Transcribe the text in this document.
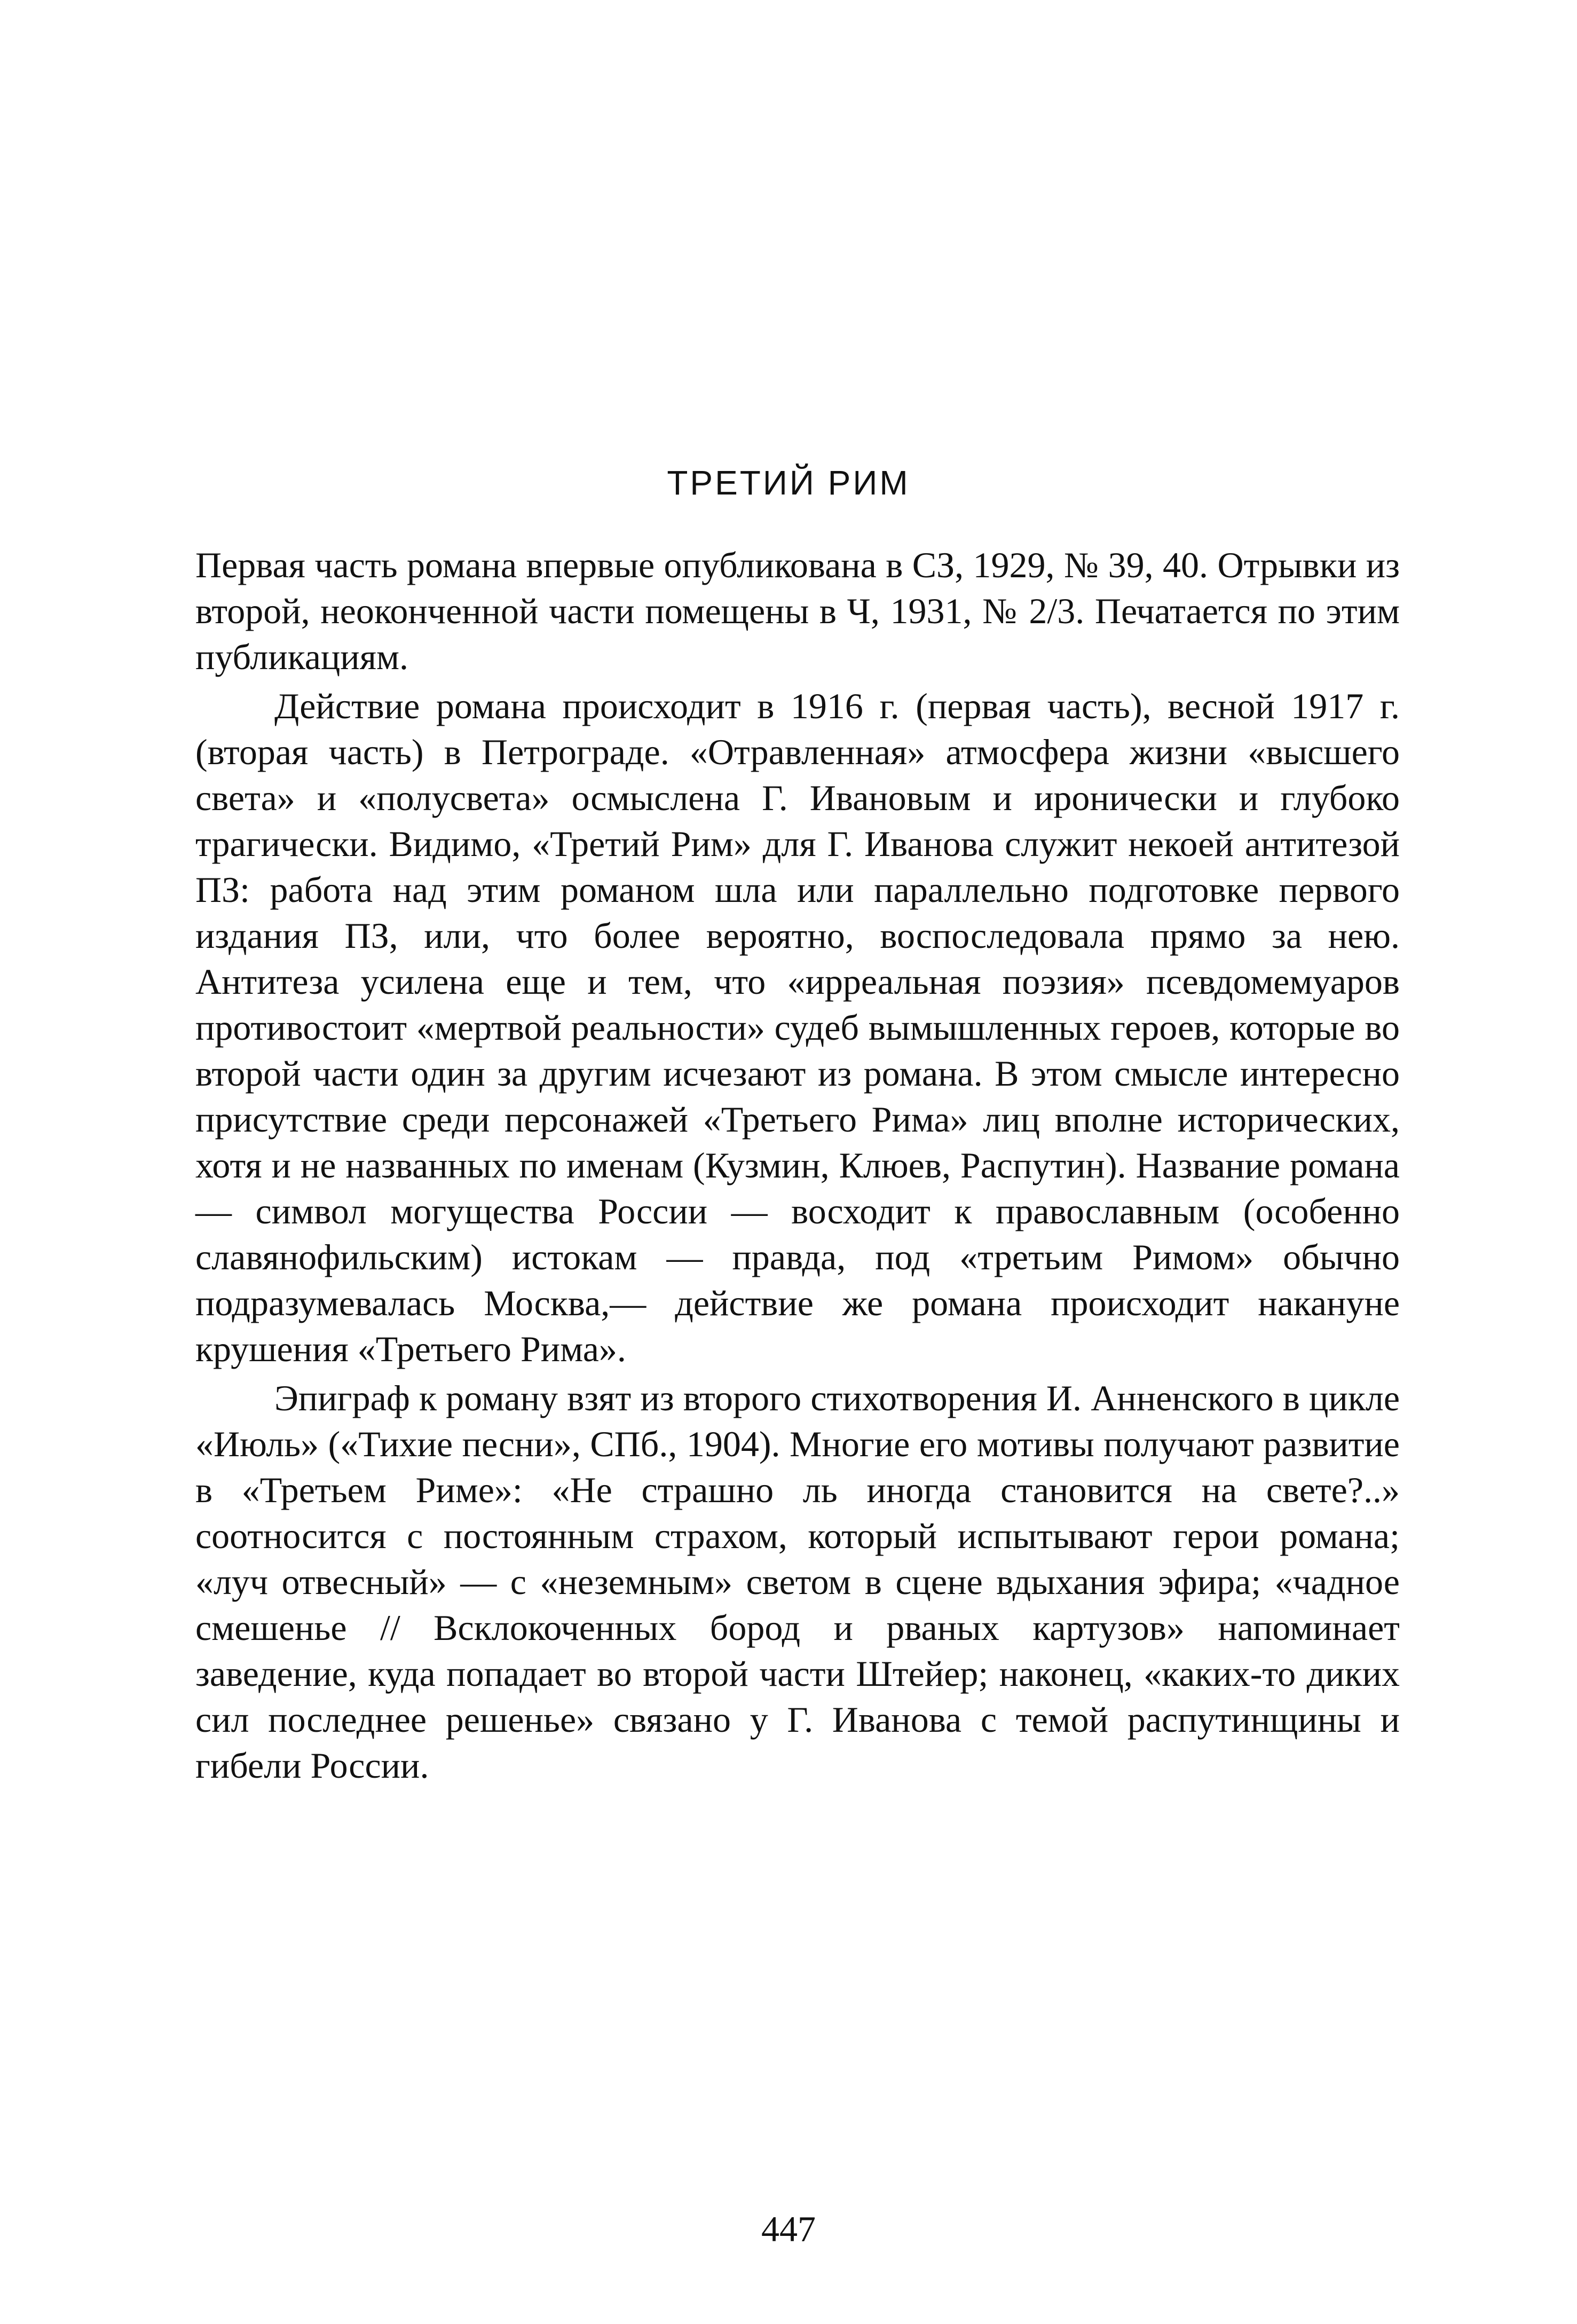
ТРЕТИЙ РИМ

Первая часть романа впервые опубликована в СЗ, 1929, № 39, 40. Отрывки из второй, неоконченной части помещены в Ч, 1931, № 2/3. Печатается по этим публикациям.

Действие романа происходит в 1916 г. (первая часть), весной 1917 г. (вторая часть) в Петрограде. «Отравленная» атмосфера жизни «высшего света» и «полусвета» осмыслена Г. Ивановым и иронически и глубоко трагически. Видимо, «Третий Рим» для Г. Иванова служит некоей антитезой ПЗ: работа над этим романом шла или параллельно подготовке первого издания ПЗ, или, что более вероятно, воспоследовала прямо за нею. Антитеза усилена еще и тем, что «ирреальная поэзия» псевдомемуаров противостоит «мертвой реальности» судеб вымышленных героев, которые во второй части один за другим исчезают из романа. В этом смысле интересно присутствие среди персонажей «Третьего Рима» лиц вполне исторических, хотя и не названных по именам (Кузмин, Клюев, Распутин). Название романа — символ могущества России — восходит к православным (особенно славянофильским) истокам — правда, под «третьим Римом» обычно подразумевалась Москва,— действие же романа происходит накануне крушения «Третьего Рима».

Эпиграф к роману взят из второго стихотворения И. Анненского в цикле «Июль» («Тихие песни», СПб., 1904). Многие его мотивы получают развитие в «Третьем Риме»: «Не страшно ль иногда становится на свете?..» соотносится с постоянным страхом, который испытывают герои романа; «луч отвесный» — с «неземным» светом в сцене вдыхания эфира; «чадное смешенье // Всклокоченных бород и рваных картузов» напоминает заведение, куда попадает во второй части Штейер; наконец, «каких-то диких сил последнее решенье» связано у Г. Иванова с темой распутинщины и гибели России.

447
